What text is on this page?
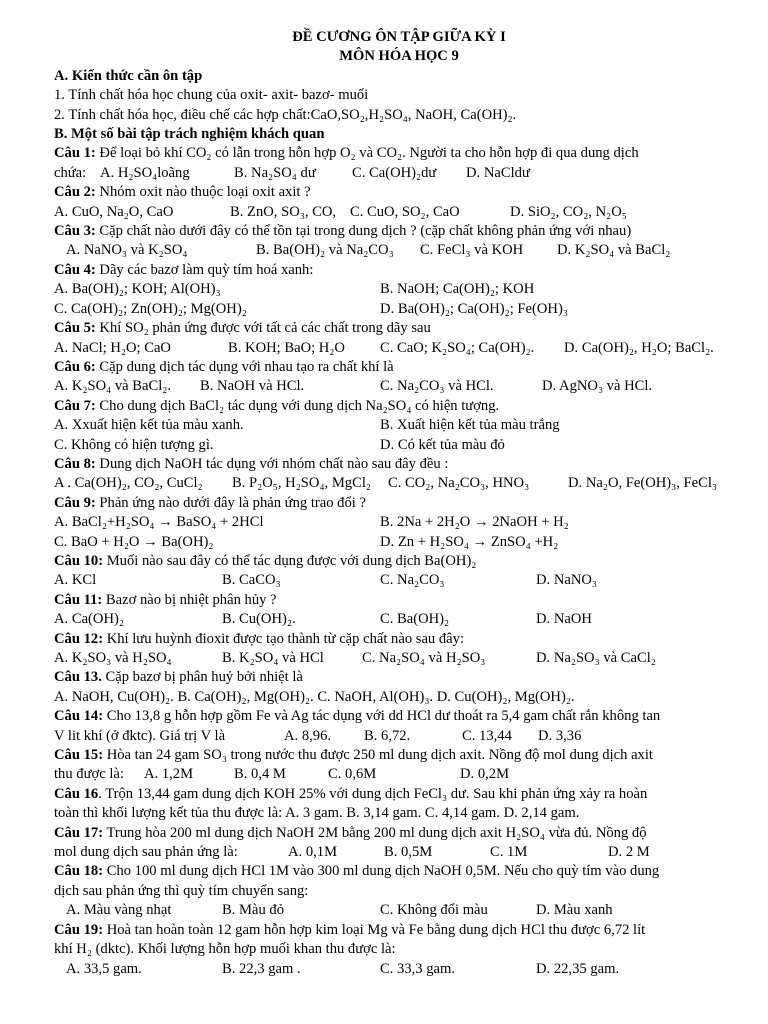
ĐỀ CƯƠNG ÔN TẬP GIỮA KỲ I
MÔN HÓA HỌC 9
A. Kiến thức cần ôn tập
1. Tính chất hóa học chung của oxit- axit- bazơ- muối
2. Tính chất hóa học, điều chế các hợp chất:CaO,SO₂,H₂SO₄, NaOH, Ca(OH)₂.
B. Một số bài tập trách nghiệm khách quan
Câu 1: Để loại bỏ khí CO₂ có lẫn trong hỗn hợp O₂ và CO₂. Người ta cho hỗn hợp đi qua dung dịch
chứa: A. H₂SO₄loãng	B. Na₂SO₄ dư	C. Ca(OH)₂dư	D. NaCldư
Câu 2: Nhóm oxit nào thuộc loại oxit axit ?
A. CuO, Na₂O, CaO	B. ZnO, SO₃, CO, C. CuO, SO₂, CaO	D. SiO₂, CO₂, N₂O₅
Câu 3: Cặp chất nào dưới đây có thể tồn tại trong dung dịch ? (cặp chất không phản ứng với nhau)
A. NaNO₃ và K₂SO₄	B. Ba(OH)₂ và Na₂CO₃	C. FeCl₃ và KOH	D. K₂SO₄ và BaCl₂
Câu 4: Dãy các bazơ làm quỳ tím hoá xanh:
A. Ba(OH)₂; KOH; Al(OH)₃	B. NaOH; Ca(OH)₂; KOH
C. Ca(OH)₂; Zn(OH)₂; Mg(OH)₂	D. Ba(OH)₂; Ca(OH)₂; Fe(OH)₃
Câu 5: Khí SO₂ phản ứng được với tất cả các chất trong dãy sau
A. NaCl; H₂O; CaO	B. KOH; BaO; H₂O	C. CaO; K₂SO₄; Ca(OH)₂.	D. Ca(OH)₂, H₂O; BaCl₂.
Câu 6: Cặp dung dịch tác dụng với nhau tạo ra chất khí là
A. K₂SO₄ và BaCl₂.	B. NaOH và HCl.	C. Na₂CO₃ và HCl.	D. AgNO₃ và HCl.
Câu 7: Cho dung dịch BaCl₂ tác dụng với dung dịch Na₂SO₄ có hiện tượng.
A. Xxuất hiện kết tủa màu xanh.	B. Xuất hiện kết tủa màu trắng
C. Không có hiện tượng gì.	D. Có kết tủa màu đỏ
Câu 8: Dung dịch NaOH tác dụng với nhóm chất nào sau đây đều :
A . Ca(OH)₂, CO₂, CuCl₂	B. P₂O₅, H₂SO₄, MgCl₂	C. CO₂, Na₂CO₃, HNO₃	D. Na₂O, Fe(OH)₃, FeCl₃
Câu 9: Phản ứng nào dưới đây là phản ứng trao đổi ?
A. BaCl₂+H₂SO₄ → BaSO₄ + 2HCl	B. 2Na + 2H₂O → 2NaOH + H₂
C. BaO + H₂O → Ba(OH)₂	D. Zn + H₂SO₄ → ZnSO₄ +H₂
Câu 10: Muối nào sau đây có thể tác dụng được với dung dịch Ba(OH)₂
A. KCl	B. CaCO₃	C. Na₂CO₃	D. NaNO₃
Câu 11: Bazơ nào bị nhiệt phân hủy ?
A. Ca(OH)₂	B. Cu(OH)₂.	C. Ba(OH)₂	D. NaOH
Câu 12: Khí lưu huỳnh đioxit được tạo thành từ cặp chất nào sau đây:
A. K₂SO₃ và H₂SO₄	B. K₂SO₄ và HCl	C. Na₂SO₄ và H₂SO₃	D. Na₂SO₃ và CaCl₂
Câu 13. Cặp bazơ bị phân huỷ bởi nhiệt là
A. NaOH, Cu(OH)₂. B. Ca(OH)₂, Mg(OH)₂. C. NaOH, Al(OH)₃. D. Cu(OH)₂, Mg(OH)₂.
Câu 14: Cho 13,8 g hỗn hợp gồm Fe và Ag tác dụng với dd HCl dư thoát ra 5,4 gam chất rắn không tan
V lit khí (ở đktc). Giá trị V là	A. 8,96.	B. 6,72.	C. 13,44	D. 3,36
Câu 15: Hòa tan 24 gam SO₃ trong nước thu được 250 ml dung dịch axit. Nồng độ mol dung dịch axit
thu được là:	A. 1,2M	B. 0,4 M	C. 0,6M	D. 0,2M
Câu 16. Trộn 13,44 gam dung dịch KOH 25% với dung dịch FeCl₃ dư. Sau khi phản ứng xảy ra hoàn
toàn thì khối lượng kết tủa thu được là: A. 3 gam. B. 3,14 gam. C. 4,14 gam. D. 2,14 gam.
Câu 17: Trung hòa 200 ml dung dịch NaOH 2M bằng 200 ml dung dịch axit H₂SO₄ vừa đủ. Nồng độ
mol dung dịch sau phản ứng là:	A. 0,1M	B. 0,5M	C. 1M	D. 2 M
Câu 18: Cho 100 ml dung dịch HCl 1M vào 300 ml dung dịch NaOH 0,5M. Nếu cho quỳ tím vào dung
dịch sau phản ứng thì quỳ tím chuyển sang:
A. Màu vàng nhạt	B. Màu đỏ	C. Không đổi màu	D. Màu xanh
Câu 19: Hoà tan hoàn toàn 12 gam hỗn hợp kim loại Mg và Fe bằng dung dịch HCl thu được 6,72 lít
khí H₂ (dktc). Khối lượng hỗn hợp muối khan thu được là:
A. 33,5 gam.	B. 22,3 gam .	C. 33,3 gam.	D. 22,35 gam.
